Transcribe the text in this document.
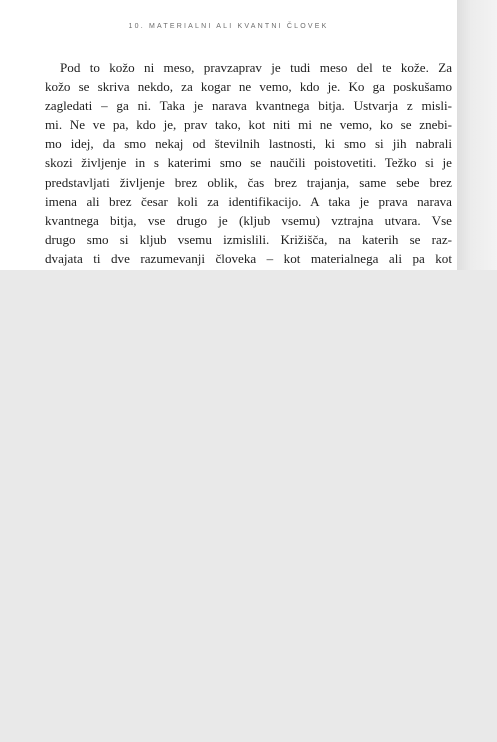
10. MATERIALNI ALI KVANTNI ČLOVEK
Pod to kožo ni meso, pravzaprav je tudi meso del te kože. Za
kožo se skriva nekdo, za kogar ne vemo, kdo je. Ko ga poskušamo
zagledati – ga ni. Taka je narava kvantnega bitja. Ustvarja z misli-
mi. Ne ve pa, kdo je, prav tako, kot niti mi ne vemo, ko se znebi-
mo idej, da smo nekaj od številnih lastnosti, ki smo si jih nabrali
skozi življenje in s katerimi smo se naučili poistovetiti. Težko si je
predstavljati življenje brez oblik, čas brez trajanja, same sebe brez
imena ali brez česar koli za identifikacijo. A taka je prava narava
kvantnega bitja, vse drugo je (kljub vsemu) vztrajna utvara. Vse
drugo smo si kljub vsemu izmislili. Križišča, na katerih se raz-
dvajata ti dve razumevanji človeka – kot materialnega ali pa kot
